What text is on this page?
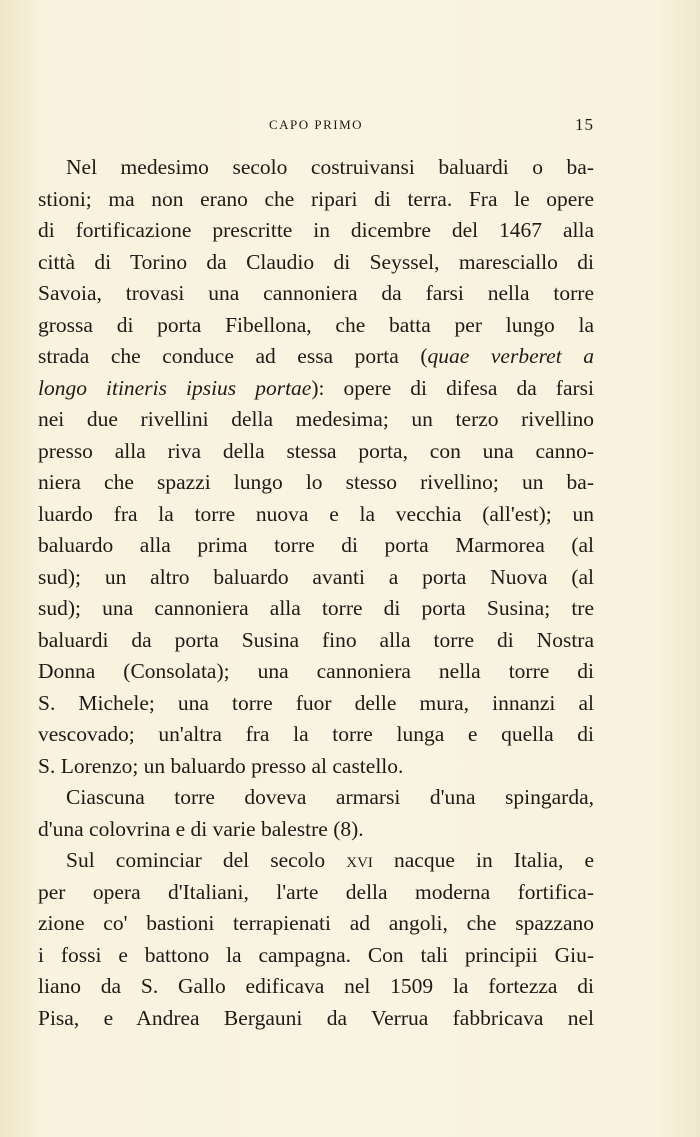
CAPO PRIMO	15
Nel medesimo secolo costruivansi baluardi o ba-
stioni; ma non erano che ripari di terra. Fra le opere
di fortificazione prescritte in dicembre del 1467 alla
città di Torino da Claudio di Seyssel, maresciallo di
Savoia, trovasi una cannoniera da farsi nella torre
grossa di porta Fibellona, che batta per lungo la
strada che conduce ad essa porta (quae verberet a
longo itineris ipsius portae): opere di difesa da farsi
nei due rivellini della medesima; un terzo rivellino
presso alla riva della stessa porta, con una canno-
niera che spazzi lungo lo stesso rivellino; un ba-
luardo fra la torre nuova e la vecchia (all'est); un
baluardo alla prima torre di porta Marmorea (al
sud); un altro baluardo avanti a porta Nuova (al
sud); una cannoniera alla torre di porta Susina; tre
baluardi da porta Susina fino alla torre di Nostra
Donna (Consolata); una cannoniera nella torre di
S. Michele; una torre fuor delle mura, innanzi al
vescovado; un'altra fra la torre lunga e quella di
S. Lorenzo; un baluardo presso al castello.
Ciascuna torre doveva armarsi d'una spingarda,
d'una colovrina e di varie balestre (8).
Sul cominciar del secolo xvi nacque in Italia, e
per opera d'Italiani, l'arte della moderna fortifica-
zione co' bastioni terrapienati ad angoli, che spazzano
i fossi e battono la campagna. Con tali principii Giu-
liano da S. Gallo edificava nel 1509 la fortezza di
Pisa, e Andrea Bergauni da Verrua fabbricava nel
